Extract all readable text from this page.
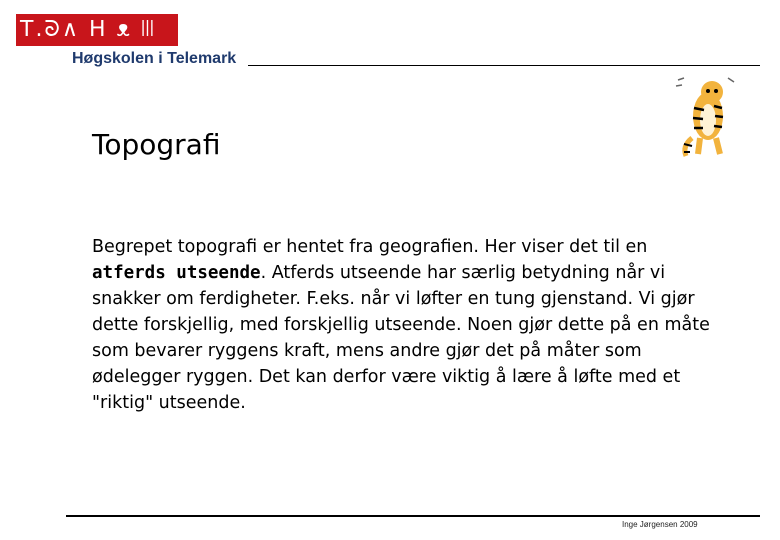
ꓔ.ᘐ∧ ᕼ ᴥ ꔖ
Høgskolen i Telemark
Topografi
Begrepet topografi er hentet fra geografien. Her viser det til en atferds utseende. Atferds utseende har særlig betydning når vi snakker om ferdigheter. F.eks. når vi løfter en tung gjenstand. Vi gjør dette forskjellig, med forskjellig utseende. Noen gjør dette på en måte som bevarer ryggens kraft, mens andre gjør det på måter som ødelegger ryggen. Det kan derfor være viktig å lære å løfte med et "riktig" utseende.
Inge Jørgensen 2009
